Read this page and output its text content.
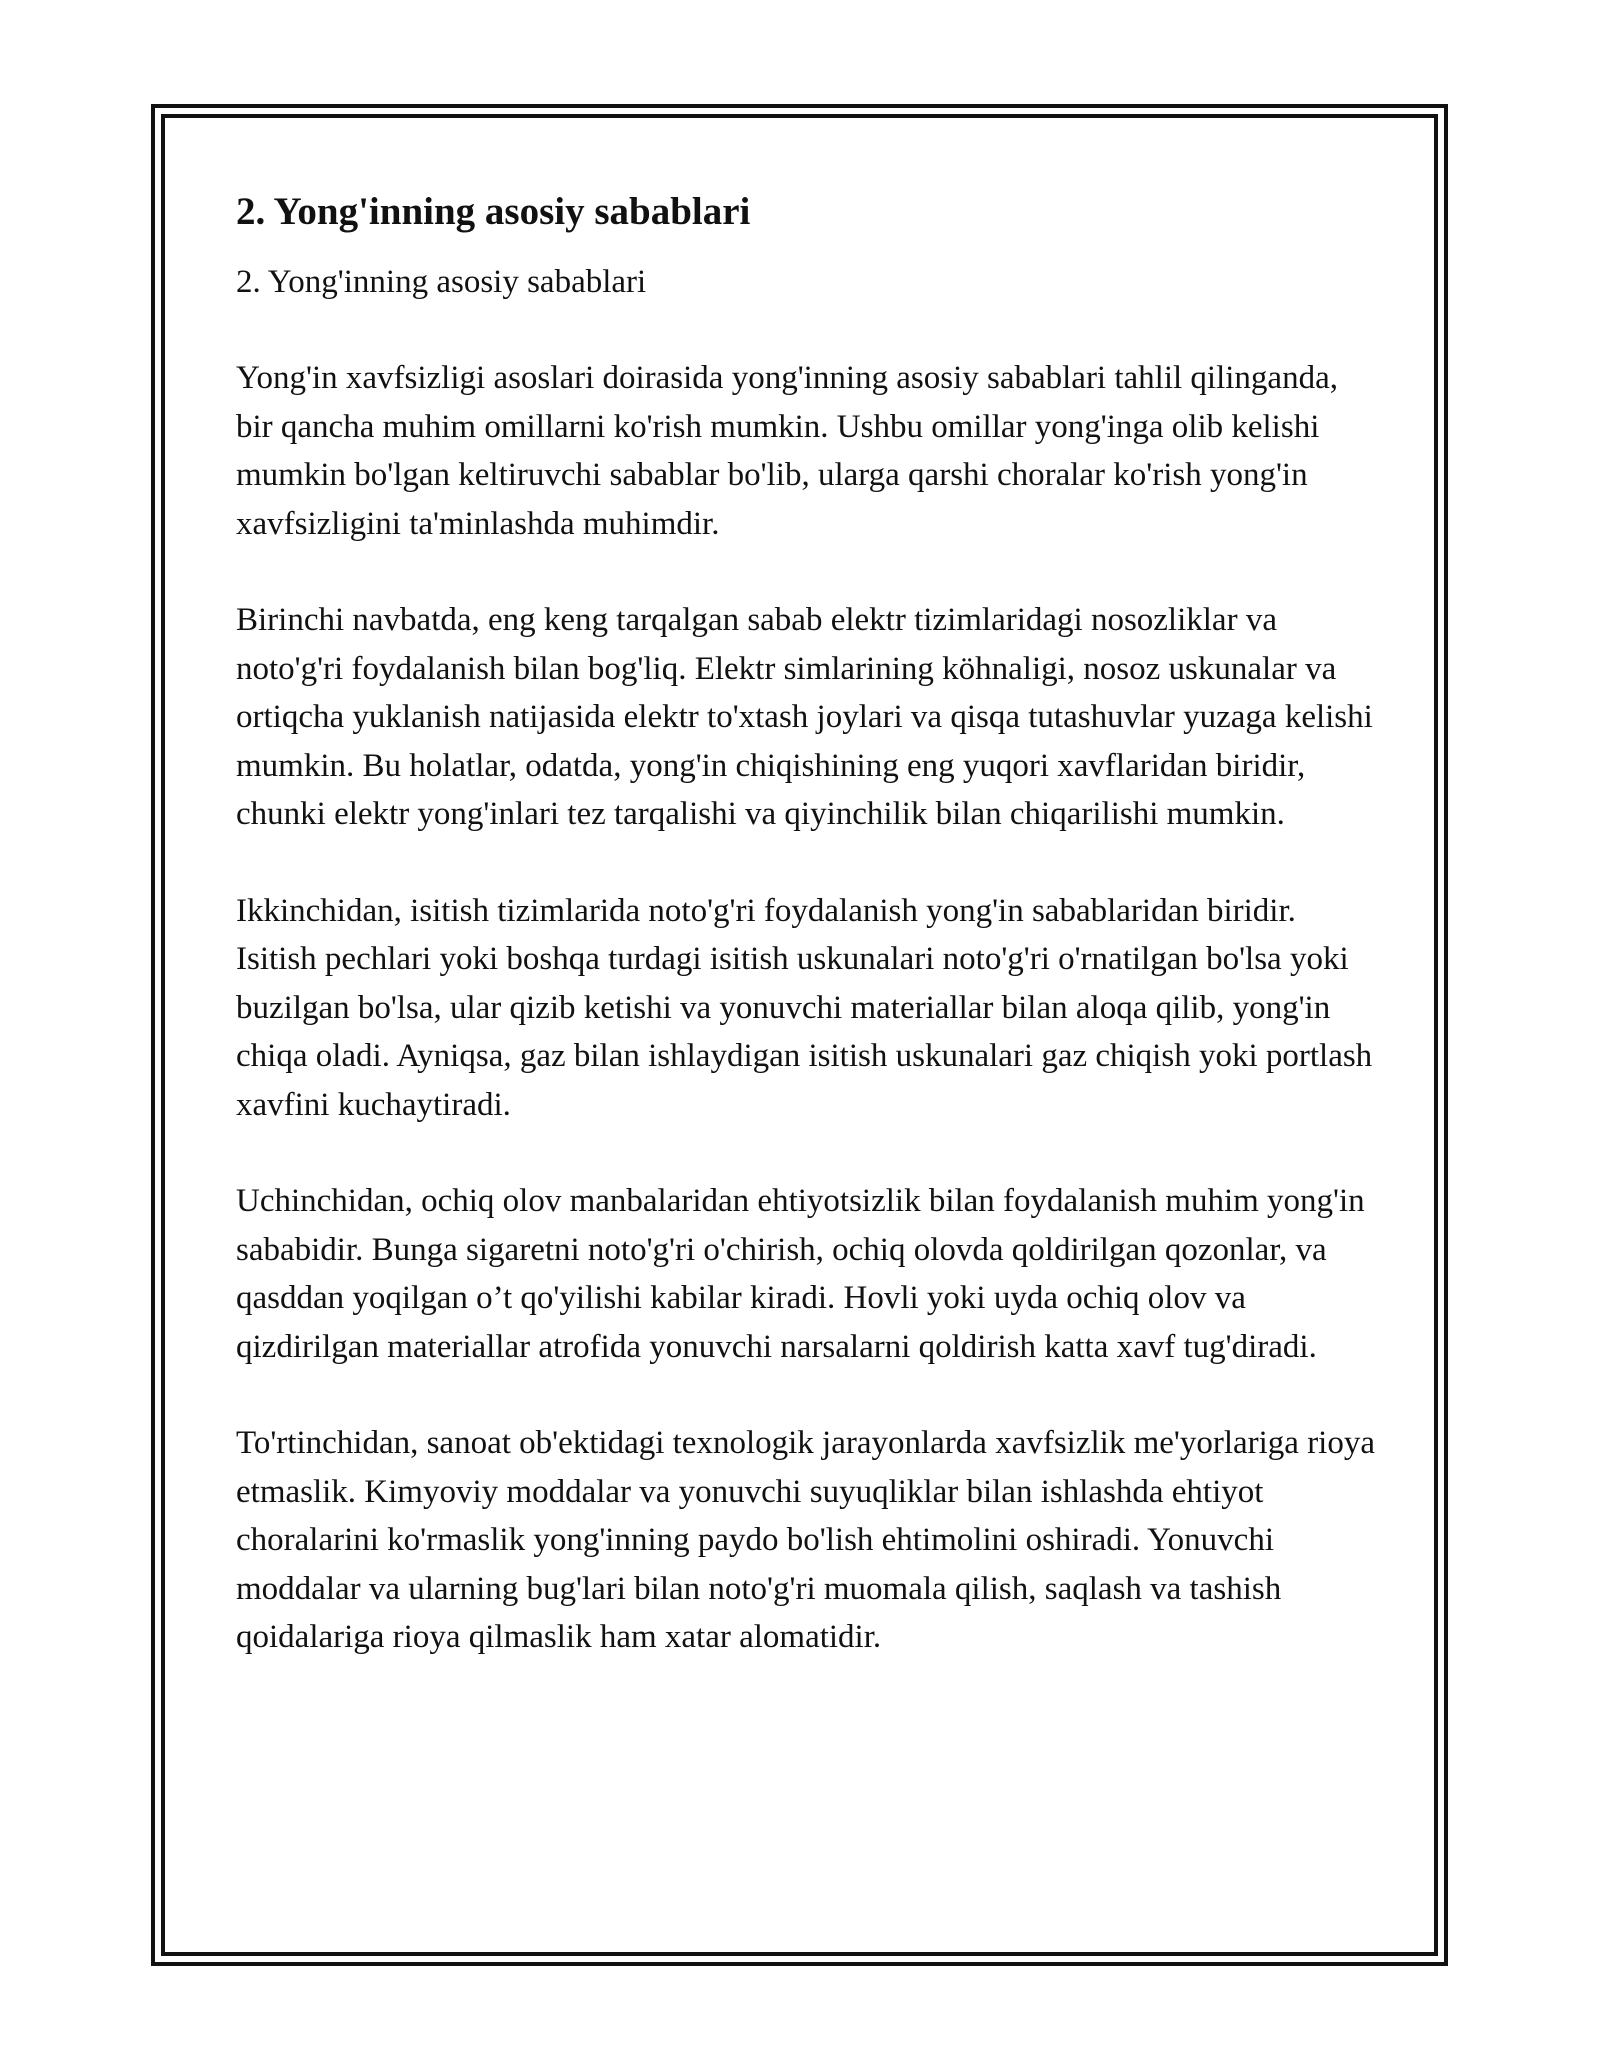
2. Yong'inning asosiy sabablari

2. Yong'inning asosiy sabablari

Yong'in xavfsizligi asoslari doirasida yong'inning asosiy sabablari tahlil qilinganda, bir qancha muhim omillarni ko'rish mumkin. Ushbu omillar yong'inga olib kelishi mumkin bo'lgan keltiruvchi sabablar bo'lib, ularga qarshi choralar ko'rish yong'in xavfsizligini ta'minlashda muhimdir.

Birinchi navbatda, eng keng tarqalgan sabab elektr tizimlaridagi nosozliklar va noto'g'ri foydalanish bilan bog'liq. Elektr simlarining köhnaligi, nosoz uskunalar va ortiqcha yuklanish natijasida elektr to'xtash joylari va qisqa tutashuvlar yuzaga kelishi mumkin. Bu holatlar, odatda, yong'in chiqishining eng yuqori xavflaridan biridir, chunki elektr yong'inlari tez tarqalishi va qiyinchilik bilan chiqarilishi mumkin.

Ikkinchidan, isitish tizimlarida noto'g'ri foydalanish yong'in sabablaridan biridir. Isitish pechlari yoki boshqa turdagi isitish uskunalari noto'g'ri o'rnatilgan bo'lsa yoki buzilgan bo'lsa, ular qizib ketishi va yonuvchi materiallar bilan aloqa qilib, yong'in chiqa oladi. Ayniqsa, gaz bilan ishlaydigan isitish uskunalari gaz chiqish yoki portlash xavfini kuchaytiradi.

Uchinchidan, ochiq olov manbalaridan ehtiyotsizlik bilan foydalanish muhim yong'in sababidir. Bunga sigaretni noto'g'ri o'chirish, ochiq olovda qoldirilgan qozonlar, va qasddan yoqilgan o’t qo'yilishi kabilar kiradi. Hovli yoki uyda ochiq olov va qizdirilgan materiallar atrofida yonuvchi narsalarni qoldirish katta xavf tug'diradi.

To'rtinchidan, sanoat ob'ektidagi texnologik jarayonlarda xavfsizlik me'yorlariga rioya etmaslik. Kimyoviy moddalar va yonuvchi suyuqliklar bilan ishlashda ehtiyot choralarini ko'rmaslik yong'inning paydo bo'lish ehtimolini oshiradi. Yonuvchi moddalar va ularning bug'lari bilan noto'g'ri muomala qilish, saqlash va tashish qoidalariga rioya qilmaslik ham xatar alomatidir.
